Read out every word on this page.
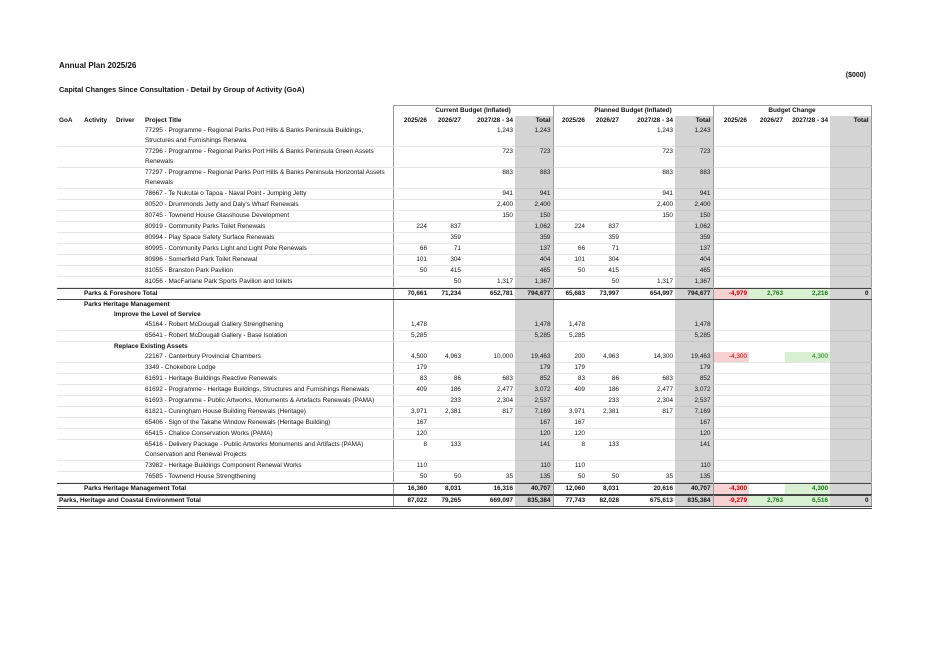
Annual Plan 2025/26
($000)
Capital Changes Since Consultation - Detail by Group of Activity (GoA)
				Current Budget (Inflated)				Planned Budget (Inflated)				Budget Change			
GoA	Activity	Driver	Project Title	2025/26	2026/27	2027/28 - 34	Total	2025/26	2026/27	2027/28 - 34	Total	2025/26	2026/27	2027/28 - 34	Total
			77295 - Programme - Regional Parks Port Hills & Banks Peninsula Buildings, Structures and Furnishings Renewa			1,243	1,243			1,243	1,243				
			77296 - Programme - Regional Parks Port Hills & Banks Peninsula Green Assets Renewals			723	723			723	723				
			77297 - Programme - Regional Parks Port Hills & Banks Peninsula Horizontal Assets Renewals			883	883			883	883				
			78667 - Te Nukutai o Tapoa - Naval Point - Jumping Jetty			941	941			941	941				
			80520 - Drummonds Jetty and Daly's Wharf Renewals			2,400	2,400			2,400	2,400				
			80745 - Townend House Glasshouse Development			150	150			150	150				
			80919 - Community Parks Toilet Renewals	224	837		1,062	224	837		1,062				
			80994 - Play Space Safety Surface Renewals		359		359		359		359				
			80995 - Community Parks Light and Light Pole Renewals	66	71		137	66	71		137				
			80996 - Somerfield Park Toilet Renewal	101	304		404	101	304		404				
			81055 - Branston Park Pavilion	50	415		465	50	415		465				
			81056 - MacFarlane Park Sports Pavilion and toilets		50	1,317	1,367		50	1,317	1,367				

Parks & Foreshore Total				70,661	71,234	652,781	794,677	65,683	73,997	654,997	794,677	-4,979	2,763	2,216	0

Parks Heritage Management															
Improve the Level of Service															
			45164 - Robert McDougall Gallery Strengthening	1,478			1,478	1,478			1,478				
			65641 - Robert McDougall Gallery - Base Isolation	5,285			5,285	5,285			5,285				

Replace Existing Assets															
			22167 - Canterbury Provincial Chambers	4,500	4,963	10,000	19,463	200	4,963	14,300	19,463	-4,300		4,300	
			3349 - Chokebore Lodge	179			179	179			179				
			61691 - Heritage Buildings Reactive Renewals	83	86	683	852	83	86	683	852				
			61692 - Programme - Heritage Buildings, Structures and Furnishings Renewals	409	186	2,477	3,072	409	186	2,477	3,072				
			61693 - Programme - Public Artworks, Monuments & Artefacts Renewals (PAMA)		233	2,304	2,537		233	2,304	2,537				
			61821 - Cuningham House Building Renewals (Heritage)	3,971	2,381	817	7,169	3,971	2,381	817	7,169				
			65406 - Sign of the Takahe Window Renewals (Heritage Building)	167			167	167			167				
			65415 - Chalice Conservation Works (PAMA)	120			120	120			120				
			65416 - Delivery Package - Public Artworks Monuments and Artifacts (PAMA) Conservation and Renewal Projects	8	133		141	8	133		141				
			73982 - Heritage Buildings Component Renewal Works	110			110	110			110				
			76585 - Townend House Strengthening	50	50	35	135	50	50	35	135				

Parks Heritage Management Total				16,360	8,031	16,316	40,707	12,060	8,031	20,616	40,707	-4,300		4,300	

Parks, Heritage and Coastal Environment Total				87,022	79,265	669,097	835,384	77,743	82,028	675,613	835,384	-9,279	2,763	6,516	0
